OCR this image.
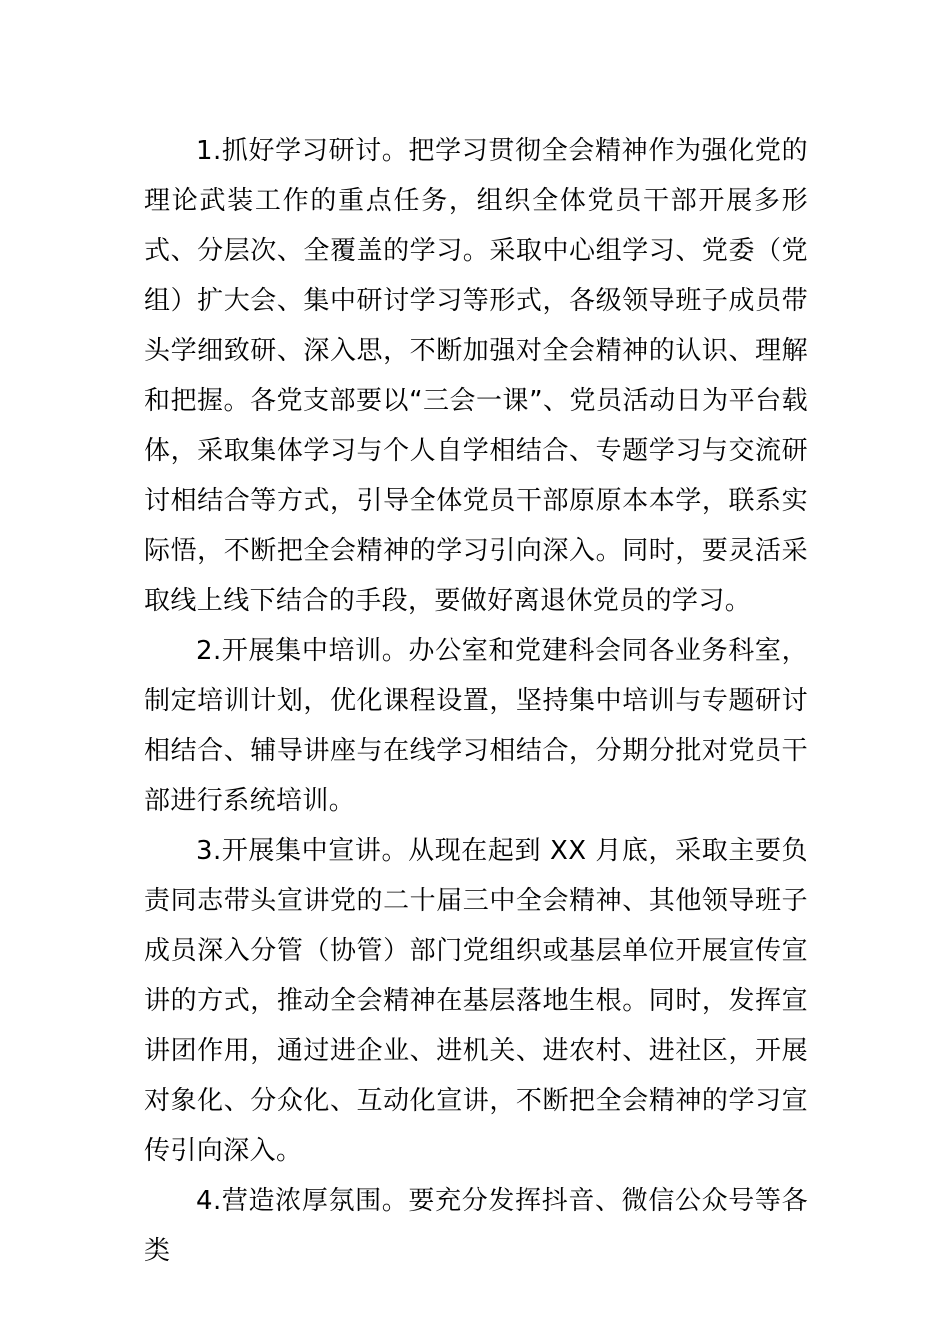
1.抓好学习研讨。把学习贯彻全会精神作为强化党的理论武装工作的重点任务，组织全体党员干部开展多形式、分层次、全覆盖的学习。采取中心组学习、党委（党组）扩大会、集中研讨学习等形式，各级领导班子成员带头学细致研、深入思，不断加强对全会精神的认识、理解和把握。各党支部要以“三会一课”、党员活动日为平台载体，采取集体学习与个人自学相结合、专题学习与交流研讨相结合等方式，引导全体党员干部原原本本学，联系实际悟，不断把全会精神的学习引向深入。同时，要灵活采取线上线下结合的手段，要做好离退休党员的学习。

2.开展集中培训。办公室和党建科会同各业务科室，制定培训计划，优化课程设置，坚持集中培训与专题研讨相结合、辅导讲座与在线学习相结合，分期分批对党员干部进行系统培训。

3.开展集中宣讲。从现在起到 XX 月底，采取主要负责同志带头宣讲党的二十届三中全会精神、其他领导班子成员深入分管（协管）部门党组织或基层单位开展宣传宣讲的方式，推动全会精神在基层落地生根。同时，发挥宣讲团作用，通过进企业、进机关、进农村、进社区，开展对象化、分众化、互动化宣讲，不断把全会精神的学习宣传引向深入。

4.营造浓厚氛围。要充分发挥抖音、微信公众号等各类
